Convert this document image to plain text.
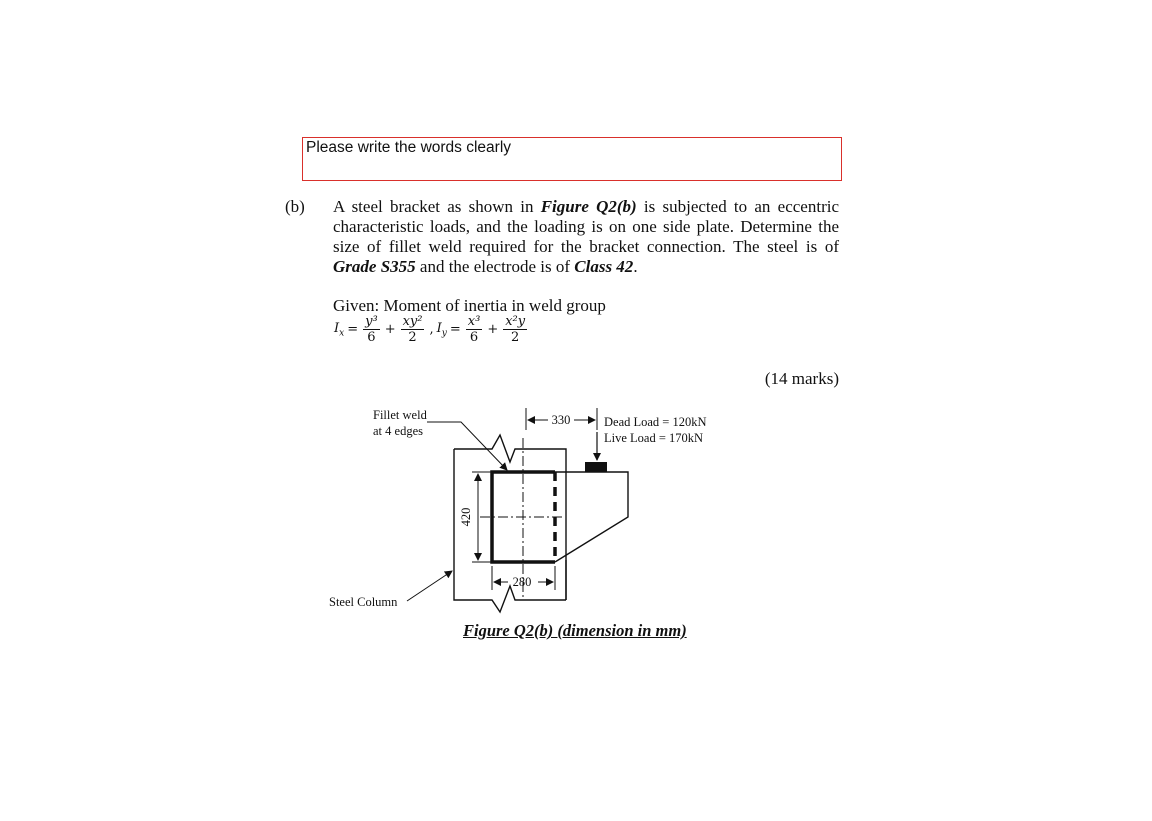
Please write the words clearly
(b) A steel bracket as shown in Figure Q2(b) is subjected to an eccentric characteristic loads, and the loading is on one side plate. Determine the size of fillet weld required for the bracket connection. The steel is of Grade S355 and the electrode is of Class 42.

Given: Moment of inertia in weld group
$I_x = \frac{\text{y³}}{6} + \frac{\text{xy²}}{2}$ , $I_y = \frac{\text{x³}}{6} + \frac{\text{x²y}}{2}$
(14 marks)
420
280
330	Dead Load = 120kN
Live Load = 170kN
Fillet weld
at 4 edges
Steel Column
Figure Q2(b) (dimension in mm)
